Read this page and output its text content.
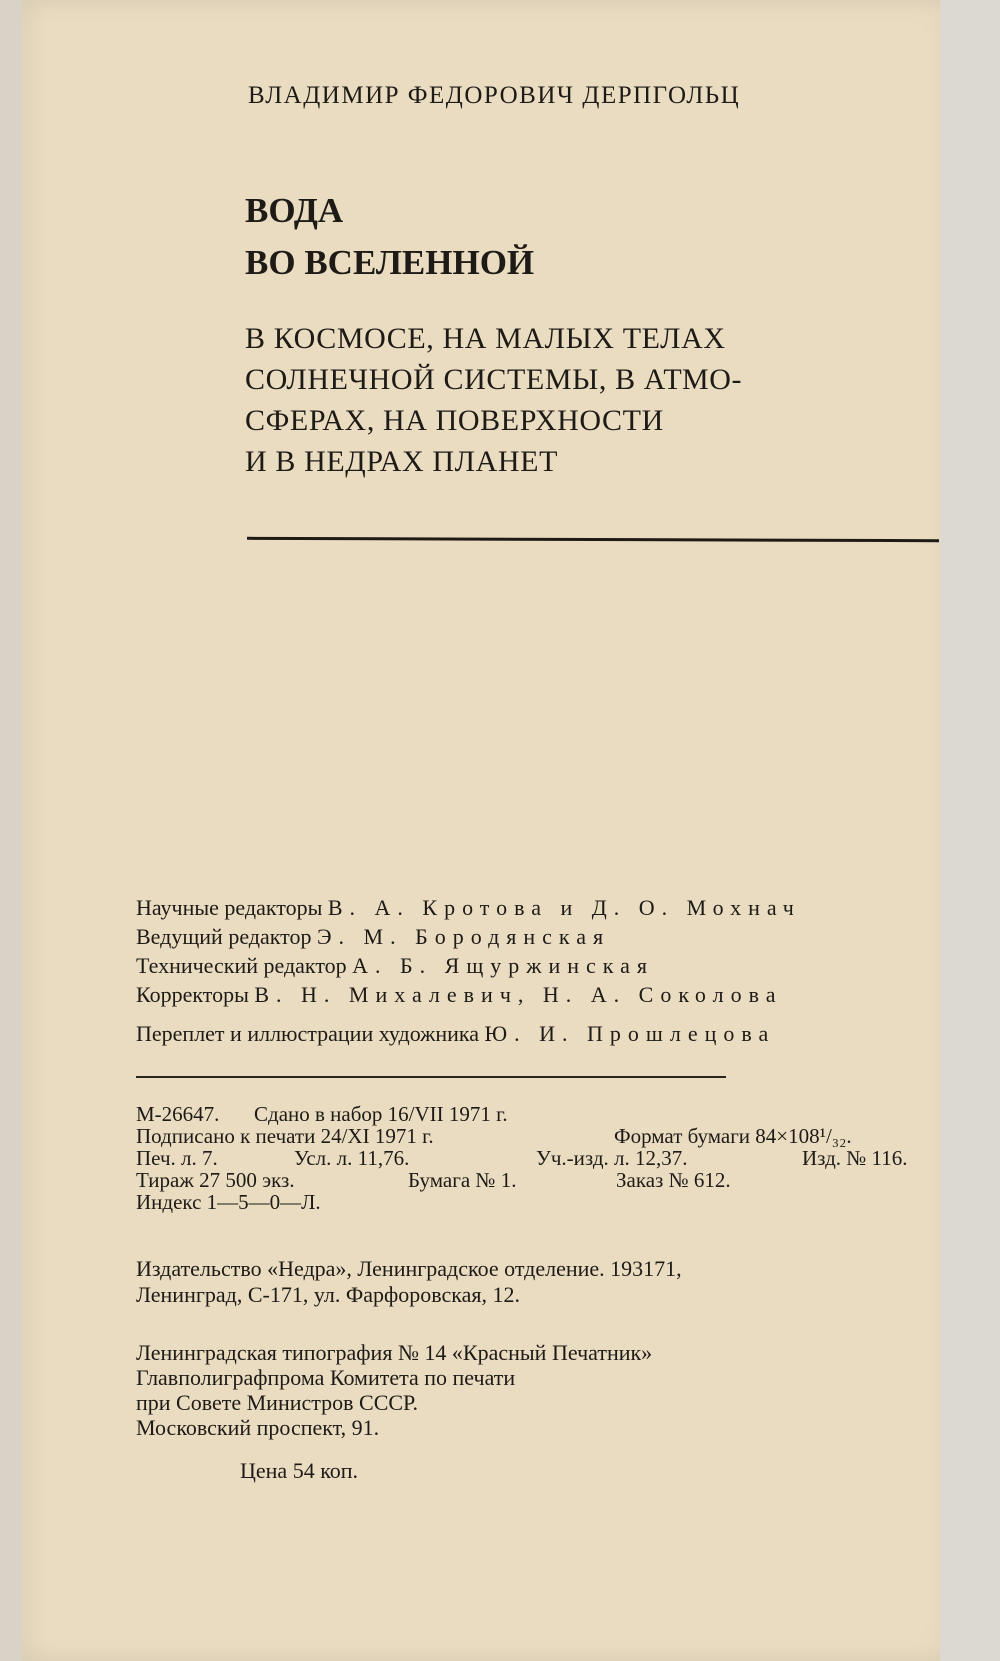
ВЛАДИМИР ФЕДОРОВИЧ ДЕРПГОЛЬЦ
ВОДА
ВО ВСЕЛЕННОЙ
В КОСМОСЕ, НА МАЛЫХ ТЕЛАХ
СОЛНЕЧНОЙ СИСТЕМЫ, В АТМО-
СФЕРАХ, НА ПОВЕРХНОСТИ
И В НЕДРАХ ПЛАНЕТ
Научные редакторы В. А. Кротова и Д. О. Мохнач
Ведущий редактор Э. М. Бородянская
Технический редактор А. Б. Ящуржинская
Корректоры В. Н. Михалевич, Н. А. Соколова
Переплет и иллюстрации художника Ю. И. Прошлецова
М-26647. Сдано в набор 16/VII 1971 г.
Подписано к печати 24/XI 1971 г.	Формат бумаги 84×108¹/₃₂.
Печ. л. 7.	Усл. л. 11,76.	Уч.-изд. л. 12,37.	Изд. № 116.
Тираж 27 500 экз.	Бумага № 1.	Заказ № 612.
Индекс 1—5—0—Л.
Издательство «Недра», Ленинградское отделение. 193171,
Ленинград, С-171, ул. Фарфоровская, 12.
Ленинградская типография № 14 «Красный Печатник»
Главполиграфпрома Комитета по печати
при Совете Министров СССР.
Московский проспект, 91.
Цена 54 коп.
